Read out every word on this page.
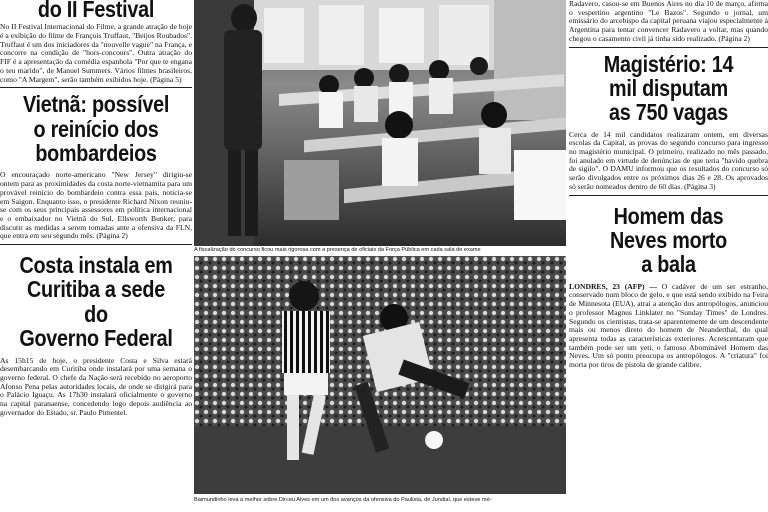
do II Festival

No II Festival Internacional do Filme, a grande atração de hoje é a exibição do filme de François Truffaut, "Beijos Roubados". Truffaut é um dos iniciadores da "nouvelle vague" na França, e concorre na condição de "hors-concours". Outra atração do FIF é a apresentação da comédia espanhola "Por que te engana o teu marido", de Manuel Summers. Vários filmes brasileiros, como "A Margem", serão também exibidos hoje. (Página 5)

Vietnã: possível
o reinício dos
bombardeios

O encouraçado norte-americano "New Jersey" dirigiu-se ontem para as proximidades da costa norte-vietnamita para um provável reinício do bombardeio contra essa país, noticia-se em Saigon. Enquanto isso, o presidente Richard Nixon reuniu-se com os seus principais assessores em política internacional e o embaixador no Vietnã do Sul, Ellsworth Bunker, para discutir as medidas a serem tomadas ante a ofensiva da FLN, que entra em seu segundo mês. (Página 2)

Costa instala em
Curitiba a sede do
Governo Federal

As 15h15 de hoje, o presidente Costa e Silva estará desembarcando em Curitiba onde instalará por uma semana o governo federal. O chefe da Nação será recebido no aeroporto Afonso Pena pelas autoridades locais, de onde se dirigirá para o Palácio Iguaçu. As 17h30 instalará oficialmente o governo na capital paranaense, concedendo logo depois audiência ao governador do Estado, sr. Paulo Pimentel.

A fiscalização do concurso ficou mais rigorosa com a presença de oficiais da Força Pública em cada sala de exame
Baimundinho leva a melhor sobre Dirceu Alves em um dos avanços da ofensiva do Paulista, de Jundiaí, que esteve mé-

Radavero, casou-se em Buenos Aires no dia 10 de março, afirma o vespertino argentino "Le Bazos". Segundo o jornal, um emissário do arcebispo da capital peruana viajou especialmente à Argentina para tentar convencer Radavero a voltar, mas quando chegou o casamento civil já tinha sido realizado. (Página 2)

Magistério: 14
mil disputam
as 750 vagas

Cerca de 14 mil candidatos realizaram ontem, em diversas escolas da Capital, as provas do segundo concurso para ingresso no magistério municipal. O primeiro, realizado no mês passado, foi anulado em virtude de denúncias de que teria "havido quebra de sigilo". O DAMU informou que os resultados do concurso só serão divulgados entre os próximos dias 26 e 28. Os aprovados só serão nomeados dentro de 60 dias. (Página 3)

Homem das
Neves morto
a bala

LONDRES, 23 (AFP) — O cadáver de um ser estranho, conservado num bloco de gelo, e que está sendo exibido na Feira de Minnesota (EUA), atrai a atenção dos antropólogos, anunciou o professor Magnus Linklater no "Sunday Times" de Londres. Segundo os cientistas, trata-se aparentemente de um descendente mais ou menos direto do homem de Neanderthal, do qual apresenta todas as características exteriores. Acrescentaram que também pode ser um yeti, o famoso Abominável Homem das Neves. Um só ponto preocupa os antropólogos. A "criatura" foi morta por tiros de pistola de grande calibre.
